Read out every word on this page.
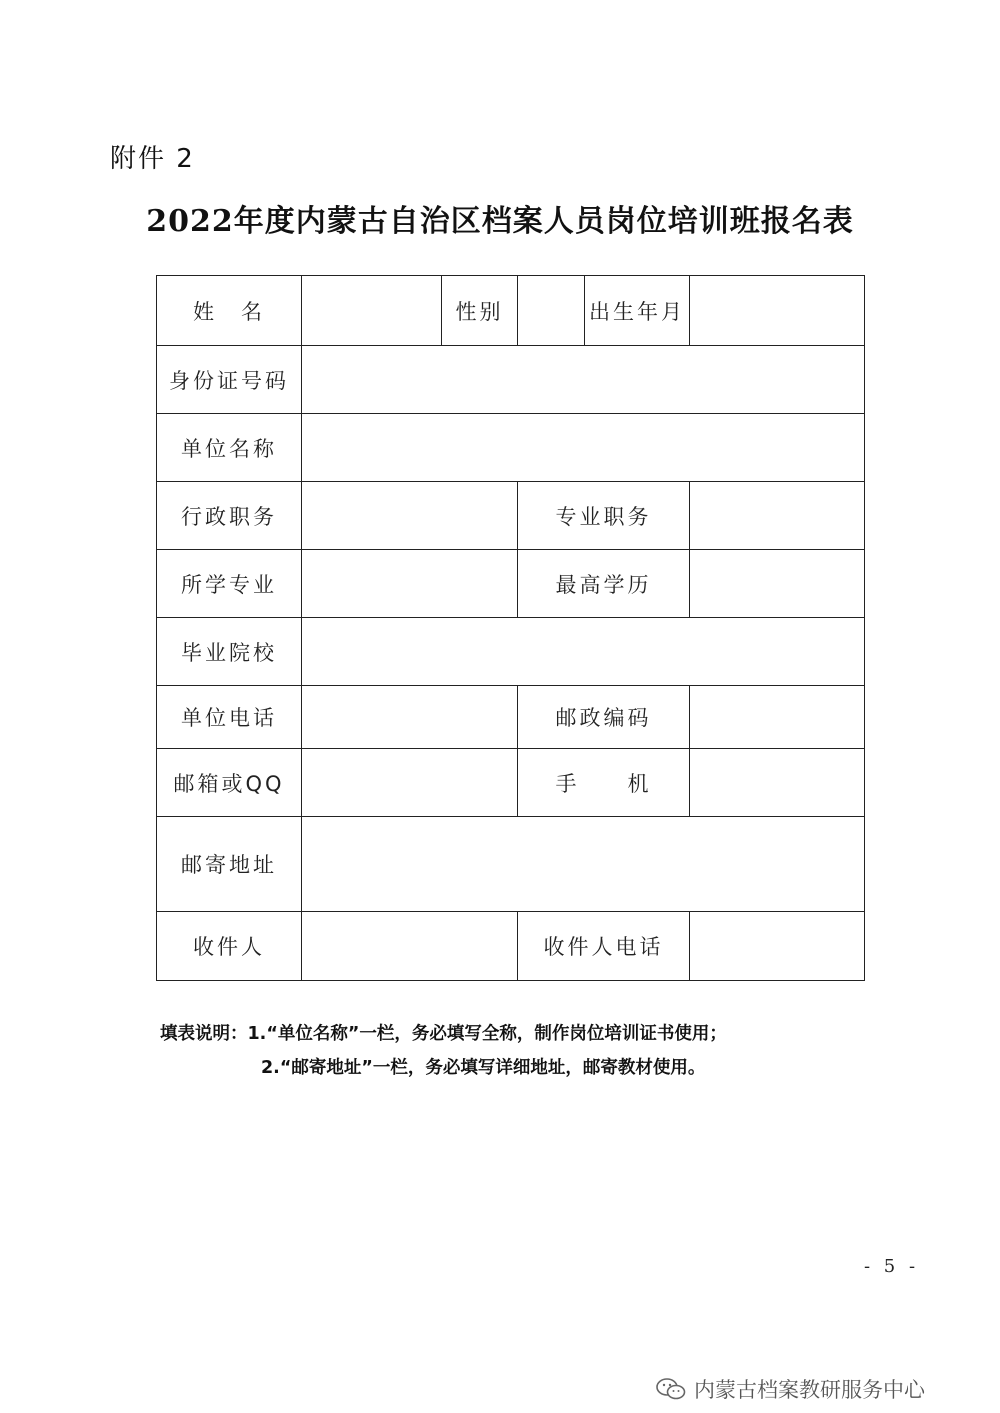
附件 2
2022年度内蒙古自治区档案人员岗位培训班报名表
姓　名		性别		出生年月	
身份证号码					
单位名称					
行政职务			专业职务		
所学专业			最高学历		
毕业院校					
单位电话			邮政编码		
邮箱或QQ			手　　机		
邮寄地址					
收件人			收件人电话		
填表说明：1.“单位名称”一栏，务必填写全称，制作岗位培训证书使用；
2.“邮寄地址”一栏，务必填写详细地址，邮寄教材使用。
- 5 -
内蒙古档案教研服务中心
